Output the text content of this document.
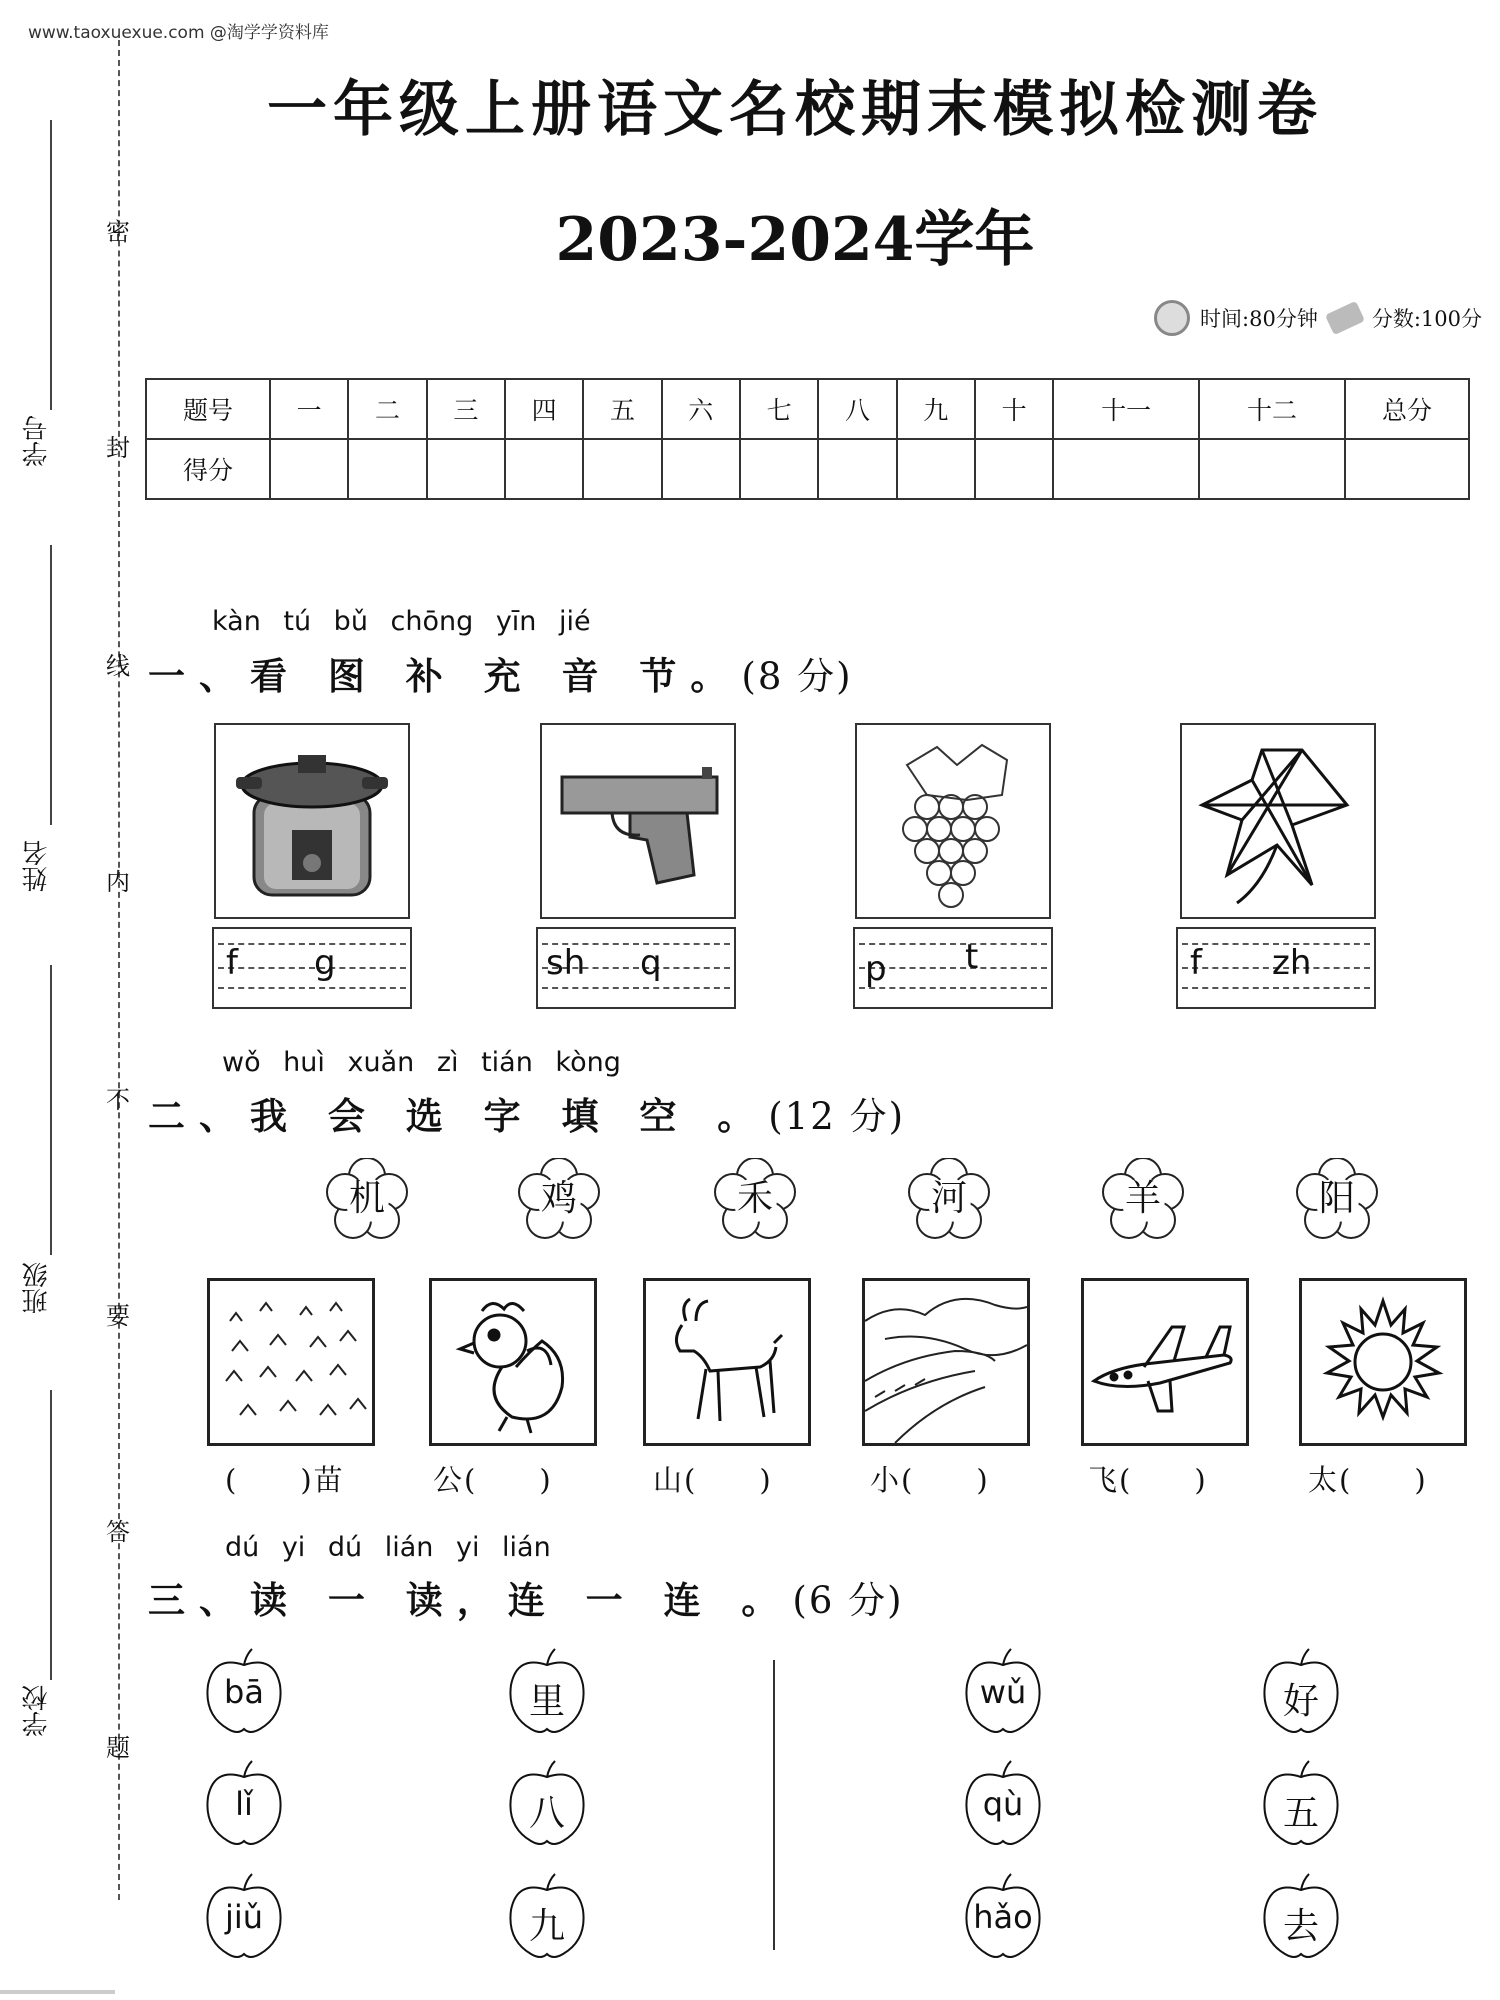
www.taoxuexue.com @淘学学资料库
一年级上册语文名校期末模拟检测卷
2023-2024学年
时间:80分钟	分数:100分
密
封
线
内
不
要
答
题
学号
姓名
班级
学校
题号	一	二	三	四	五	六	七	八	九	十	十一	十二	总分
得分													
kàn tú bǔ chōng yīn jié
一、看 图 补 充 音 节。(8 分)
f g	sh q	p t	f zh
wǒ huì xuǎn zì tián kòng
二、我 会 选 字 填 空 。(12 分)
机	鸡	禾	河	羊	阳
(　　)苗	公(　　)	山(　　)	小(　　)	飞(　　)	太(　　)
dú yi dú lián yi lián
三、读 一 读，连 一 连 。(6 分)
bā
lǐ
jiǔ
里
八
九
wǔ
qù
hǎo
好
五
去
